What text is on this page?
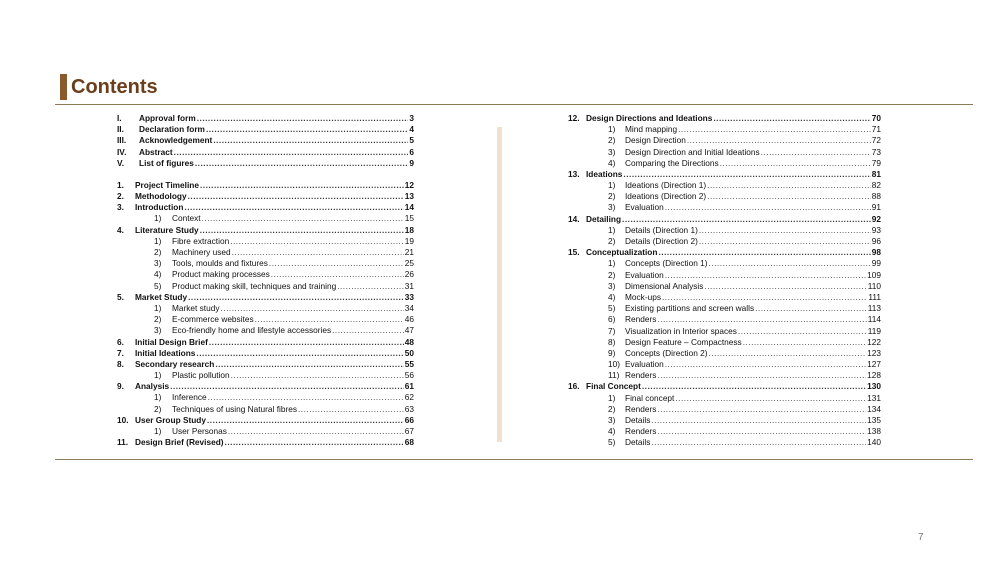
Contents
I.	Approval form .....	3
II.	Declaration form .....	4
III.	Acknowledgement .....	5
IV.	Abstract .....	6
V.	List of figures .....	9
1.	Project Timeline .....	12
2.	Methodology .....	13
3.	Introduction .....	14
1)	Context .....	15
4.	Literature Study .....	18
1)	Fibre extraction .....	19
2)	Machinery used .....	21
3)	Tools, moulds and fixtures .....	25
4)	Product making processes .....	26
5)	Product making skill, techniques and training .....	31
5.	Market Study .....	33
1)	Market study .....	34
2)	E-commerce websites .....	46
3)	Eco-friendly home and lifestyle accessories .....	47
6.	Initial Design Brief .....	48
7.	Initial Ideations .....	50
8.	Secondary research .....	55
1)	Plastic pollution .....	56
9.	Analysis .....	61
1)	Inference .....	62
2)	Techniques of using Natural fibres .....	63
10. User Group Study .....	66
1)	User Personas .....	67
11. Design Brief (Revised) .....	68
12. Design Directions and Ideations .....	70
1)	Mind mapping .....	71
2)	Design Direction .....	72
3)	Design Direction and Initial Ideations .....	73
4)	Comparing the Directions .....	79
13. Ideations .....	81
1)	Ideations (Direction 1) .....	82
2)	Ideations (Direction 2) .....	88
3)	Evaluation .....	91
14. Detailing .....	92
1)	Details (Direction 1) .....	93
2)	Details (Direction 2) .....	96
15. Conceptualization .....	98
1)	Concepts (Direction 1) .....	99
2)	Evaluation .....	109
3)	Dimensional Analysis .....	110
4)	Mock-ups .....	111
5)	Existing partitions and screen walls .....	113
6)	Renders .....	114
7)	Visualization in Interior spaces .....	119
8)	Design Feature – Compactness .....	122
9)	Concepts (Direction 2) .....	123
10) Evaluation .....	127
11) Renders .....	128
16. Final Concept .....	130
1)	Final concept .....	131
2)	Renders .....	134
3)	Details .....	135
4)	Renders .....	138
5)	Details .....	140
7
